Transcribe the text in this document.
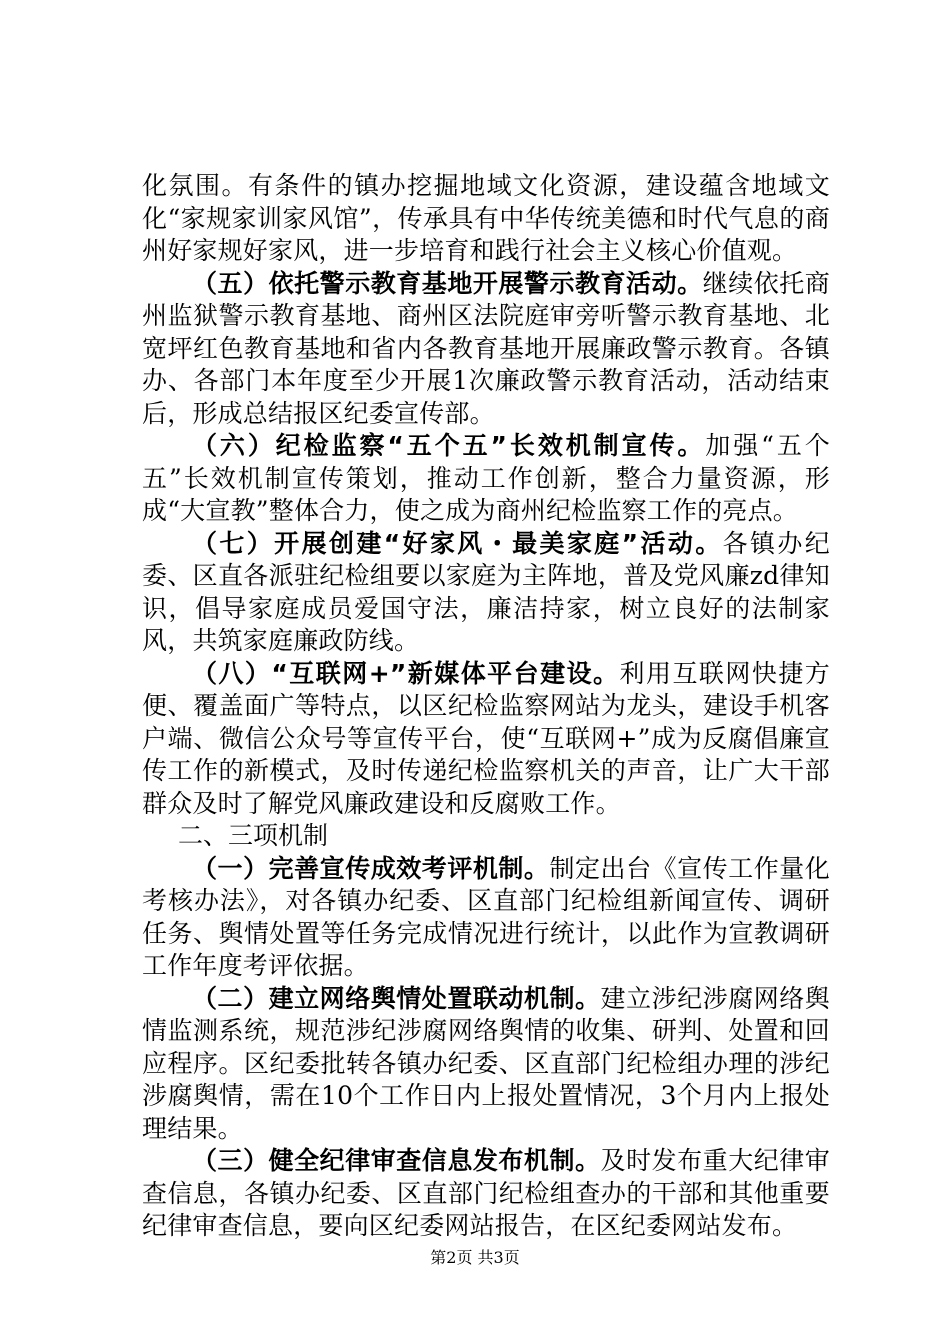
化氛围。有条件的镇办挖掘地域文化资源，建设蕴含地域文化“家规家训家风馆”，传承具有中华传统美德和时代气息的商州好家规好家风，进一步培育和践行社会主义核心价值观。

（五）依托警示教育基地开展警示教育活动。继续依托商州监狱警示教育基地、商州区法院庭审旁听警示教育基地、北宽坪红色教育基地和省内各教育基地开展廉政警示教育。各镇办、各部门本年度至少开展1次廉政警示教育活动，活动结束后，形成总结报区纪委宣传部。

（六）纪检监察“五个五”长效机制宣传。加强“五个五”长效机制宣传策划，推动工作创新，整合力量资源，形成“大宣教”整体合力，使之成为商州纪检监察工作的亮点。

（七）开展创建“好家风・最美家庭”活动。各镇办纪委、区直各派驻纪检组要以家庭为主阵地，普及党风廉zd律知识，倡导家庭成员爱国守法，廉洁持家，树立良好的法制家风，共筑家庭廉政防线。

（八）“互联网+”新媒体平台建设。利用互联网快捷方便、覆盖面广等特点，以区纪检监察网站为龙头，建设手机客户端、微信公众号等宣传平台，使“互联网+”成为反腐倡廉宣传工作的新模式，及时传递纪检监察机关的声音，让广大干部群众及时了解党风廉政建设和反腐败工作。

二、三项机制

（一）完善宣传成效考评机制。制定出台《宣传工作量化考核办法》，对各镇办纪委、区直部门纪检组新闻宣传、调研任务、舆情处置等任务完成情况进行统计，以此作为宣教调研工作年度考评依据。

（二）建立网络舆情处置联动机制。建立涉纪涉腐网络舆情监测系统，规范涉纪涉腐网络舆情的收集、研判、处置和回应程序。区纪委批转各镇办纪委、区直部门纪检组办理的涉纪涉腐舆情，需在10个工作日内上报处置情况，3个月内上报处理结果。

（三）健全纪律审查信息发布机制。及时发布重大纪律审查信息，各镇办纪委、区直部门纪检组查办的干部和其他重要纪律审查信息，要向区纪委网站报告，在区纪委网站发布。

第2页 共3页
